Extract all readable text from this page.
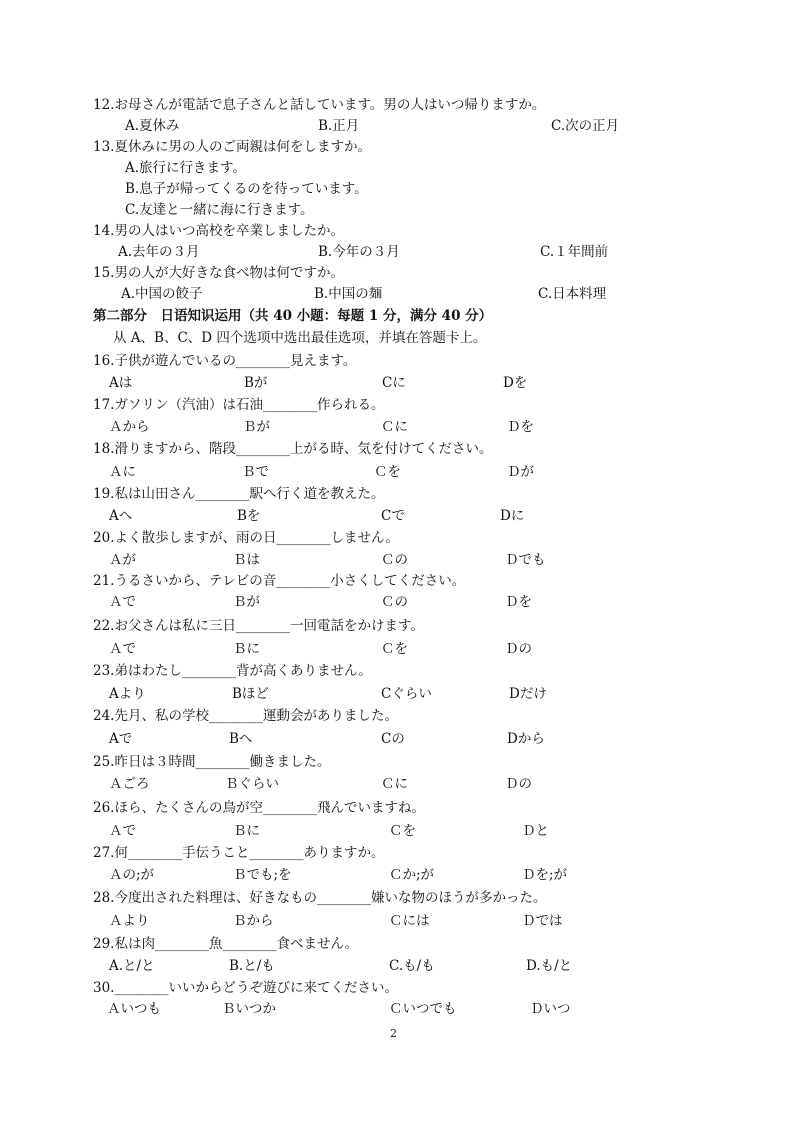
12.お母さんが電話で息子さんと話しています。男の人はいつ帰りますか。
A.夏休み	B.正月	C.次の正月
13.夏休みに男の人のご両親は何をしますか。
A.旅行に行きます。
B.息子が帰ってくるのを待っています。
C.友達と一緒に海に行きます。
14.男の人はいつ高校を卒業しましたか。
A.去年の３月	B.今年の３月	C.１年間前
15.男の人が大好きな食べ物は何ですか。
A.中国の餃子	B.中国の麺	C.日本料理
第二部分　日语知识运用（共 40 小题：每题 1 分，满分 40 分）
从 A、B、C、D 四个选项中选出最佳选项，并填在答题卡上。
16.子供が遊んでいるの________見えます。
Aは	Bが	Cに	Dを
17.ガソリン（汽油）は石油________作られる。
Ａから	Ｂが	Ｃに	Ｄを
18.滑りますから、階段________上がる時、気を付けてください。
Ａに	Ｂで	Ｃを	Ｄが
19.私は山田さん________駅へ行く道を教えた。
Aへ	Bを	Cで	Dに
20.よく散歩しますが、雨の日________しません。
Ａが	Ｂは	Ｃの	Ｄでも
21.うるさいから、テレビの音________小さくしてください。
Ａで	Ｂが	Ｃの	Ｄを
22.お父さんは私に三日________一回電話をかけます。
Ａで	Ｂに	Ｃを	Ｄの
23.弟はわたし________背が高くありません。
Aより	Bほど	Cぐらい	Dだけ
24.先月、私の学校________運動会がありました。
Aで	Bへ	Cの	Dから
25.昨日は３時間________働きました。
Ａごろ	Ｂぐらい	Ｃに	Ｄの
26.ほら、たくさんの鳥が空________飛んでいますね。
Ａで	Ｂに	Ｃを	Ｄと
27.何________手伝うこと________ありますか。
Ａの;が	Ｂでも;を	Ｃか;が	Ｄを;が
28.今度出された料理は、好きなもの________嫌いな物のほうが多かった。
Ａより	Ｂから	Ｃには	Ｄでは
29.私は肉________魚________食べません。
A.と/と	B.と/も	C.も/も	D.も/と
30.________いいからどうぞ遊びに来てください。
Ａいつも	Ｂいつか	Ｃいつでも	Ｄいつ
2
